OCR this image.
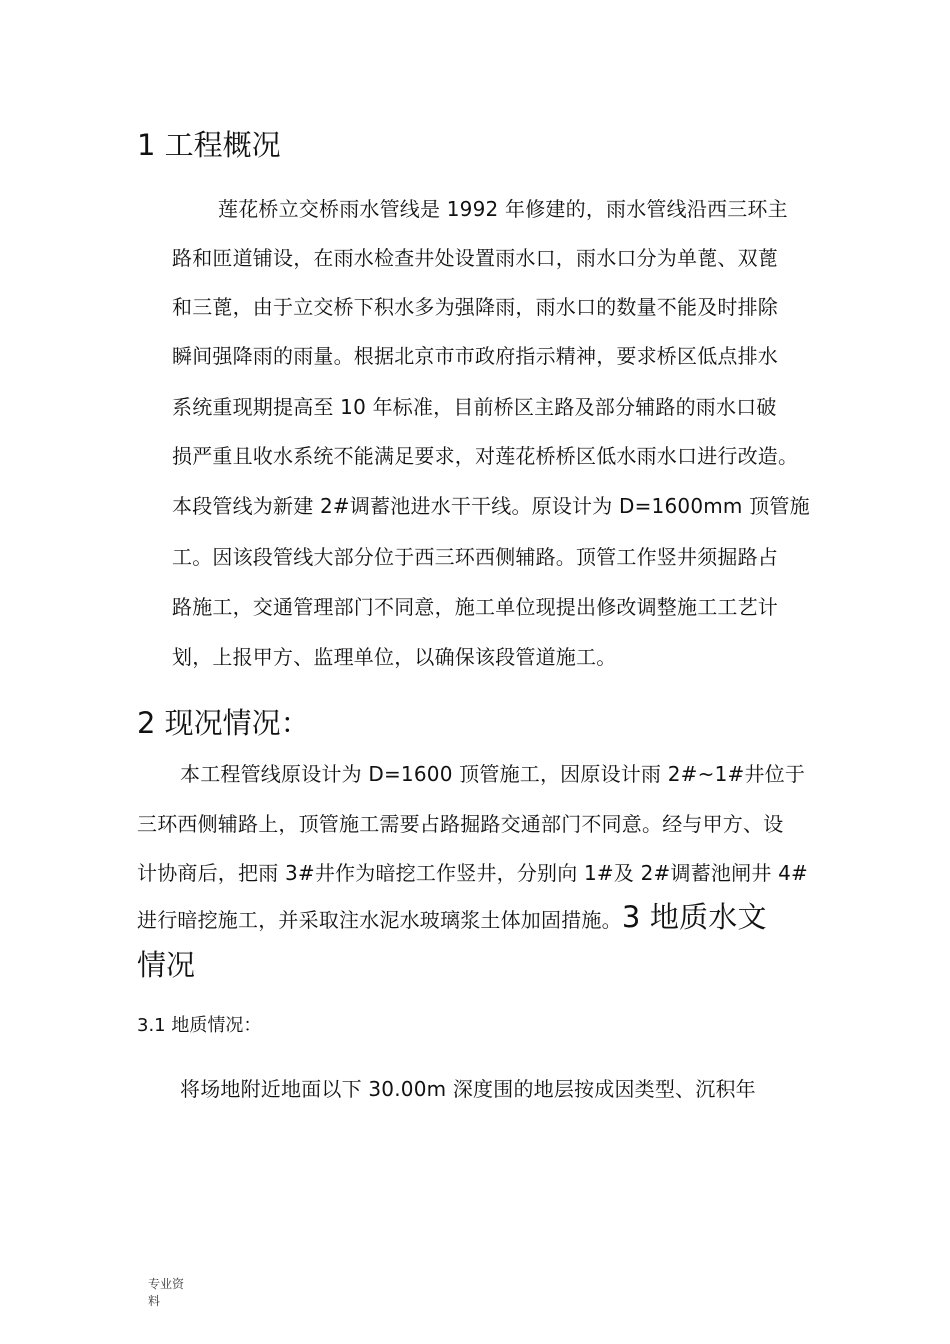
1 工程概况
莲花桥立交桥雨水管线是 1992 年修建的，雨水管线沿西三环主
路和匝道铺设，在雨水检查井处设置雨水口，雨水口分为单蓖、双蓖
和三蓖，由于立交桥下积水多为强降雨，雨水口的数量不能及时排除
瞬间强降雨的雨量。根据北京市市政府指示精神，要求桥区低点排水
系统重现期提高至 10 年标准，目前桥区主路及部分辅路的雨水口破
损严重且收水系统不能满足要求，对莲花桥桥区低水雨水口进行改造。
本段管线为新建 2#调蓄池进水干干线。原设计为 D=1600mm 顶管施
工。因该段管线大部分位于西三环西侧辅路。顶管工作竖井须掘路占
路施工，交通管理部门不同意，施工单位现提出修改调整施工工艺计
划，上报甲方、监理单位，以确保该段管道施工。
2 现况情况：
本工程管线原设计为 D=1600 顶管施工，因原设计雨 2#~1#井位于
三环西侧辅路上，顶管施工需要占路掘路交通部门不同意。经与甲方、设
计协商后，把雨 3#井作为暗挖工作竖井，分别向 1#及 2#调蓄池闸井 4#
进行暗挖施工，并采取注水泥水玻璃浆土体加固措施。3 地质水文
情况
3.1 地质情况：
将场地附近地面以下 30.00m 深度围的地层按成因类型、沉积年
专业资
料
